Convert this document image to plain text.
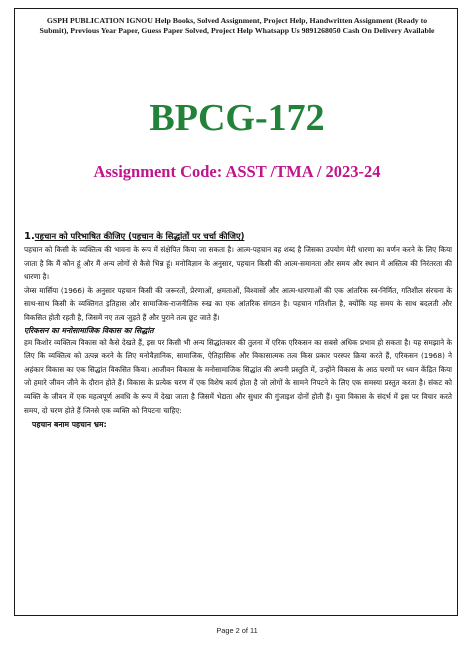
GSPH PUBLICATION IGNOU Help Books, Solved Assignment, Project Help, Handwritten Assignment (Ready to
Submit), Previous Year Paper, Guess Paper Solved, Project Help Whatsapp Us 9891268050 Cash On Delivery Available
BPCG-172
Assignment Code: ASST /TMA / 2023-24
1.पहचान को परिभाषित कीजिए (पहचान के सिद्धांतों पर चर्चा कीजिए)

पहचान को किसी के व्यक्तित्व की भावना के रूप में संक्षेपित किया जा सकता है। आत्म-पहचान वह शब्द है जिसका उपयोग मेरी धारणा का वर्णन करने के लिए किया जाता है कि मैं कौन हूं और मैं अन्य लोगों से कैसे भिन्न हूं। मनोविज्ञान के अनुसार, पहचान किसी की आत्म-समानता और समय और स्थान में अस्तित्व की निरंतरता की धारणा है।

जेम्स मार्सिया (1966) के अनुसार पहचान किसी की जरूरतों, प्रेरणाओं, क्षमताओं, विश्वासों और आत्म-धारणाओं की एक आंतरिक स्व-निर्मित, गतिशील संरचना के साथ-साथ किसी के व्यक्तिगत इतिहास और सामाजिक-राजनीतिक रुख का एक आंतरिक संगठन है। पहचान गतिशील है, क्योंकि यह समय के साथ बदलती और विकसित होती रहती है, जिसमें नए तत्व जुड़ते हैं और पुराने तत्व छूट जाते हैं।

एरिकसन का मनोसामाजिक विकास का सिद्धांत

हम किशोर व्यक्तित्व विकास को कैसे देखते हैं, इस पर किसी भी अन्य सिद्धांतकार की तुलना में एरिक एरिकसन का सबसे अधिक प्रभाव हो सकता है। यह समझाने के लिए कि व्यक्तित्व को उत्पन्न करने के लिए मनोवैज्ञानिक, सामाजिक, ऐतिहासिक और विकासात्मक तत्व किस प्रकार परस्पर क्रिया करते हैं, एरिकसन (1968) ने अहंकार विकास का एक सिद्धांत विकसित किया। आजीवन विकास के मनोसामाजिक सिद्धांत की अपनी प्रस्तुति में, उन्होंने विकास के आठ चरणों पर ध्यान केंद्रित किया जो हमारे जीवन जीने के दौरान होते हैं। विकास के प्रत्येक चरण में एक विशेष कार्य होता है जो लोगों के सामने निपटने के लिए एक समस्या प्रस्तुत करता है। संकट को व्यक्ति के जीवन में एक महत्वपूर्ण अवधि के रूप में देखा जाता है जिसमें भेद्यता और सुधार की गुंजाइश दोनों होती हैं। युवा विकास के संदर्भ में इस पर विचार करते समय, दो चरण होते हैं जिनसे एक व्यक्ति को निपटना चाहिए:

पहचान बनाम पहचान भ्रम:
Page 2 of 11
